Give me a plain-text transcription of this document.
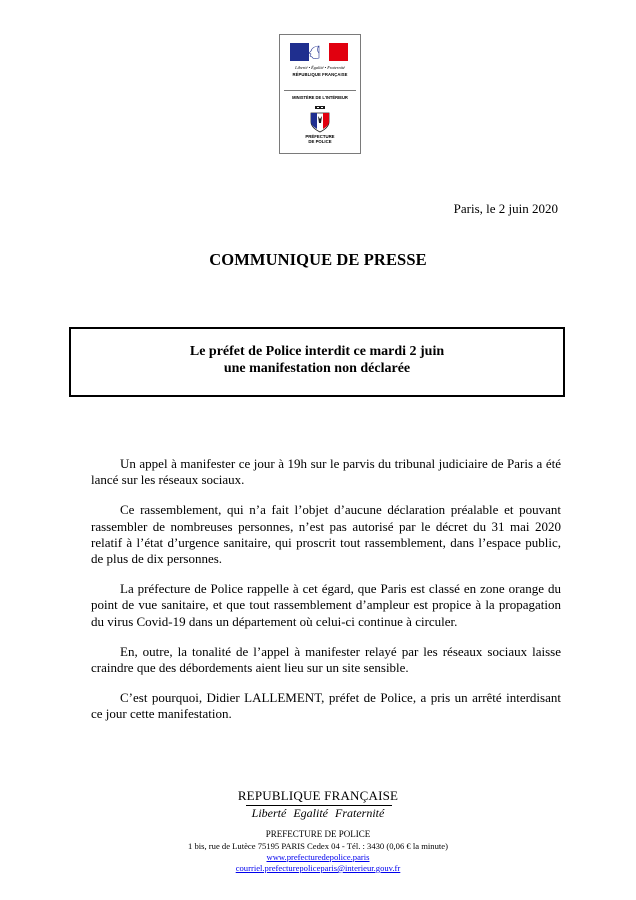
Liberté • Égalité • Fraternité
RÉPUBLIQUE FRANÇAISE
MINISTÈRE DE L'INTÉRIEUR
PRÉFECTURE
DE POLICE
Paris, le 2 juin 2020
COMMUNIQUE DE PRESSE
Le préfet de Police interdit ce mardi 2 juin
une manifestation non déclarée

Un appel à manifester ce jour à 19h sur le parvis du tribunal judiciaire de Paris a été lancé sur les réseaux sociaux.

Ce rassemblement, qui n’a fait l’objet d’aucune déclaration préalable et pouvant rassembler de nombreuses personnes, n’est pas autorisé par le décret du 31 mai 2020 relatif à l’état d’urgence sanitaire, qui proscrit tout rassemblement, dans l’espace public, de plus de dix personnes.

La préfecture de Police rappelle à cet égard, que Paris est classé en zone orange du point de vue sanitaire, et que tout rassemblement d’ampleur est propice à la propagation du virus Covid-19 dans un département où celui-ci continue à circuler.

En, outre, la tonalité de l’appel à manifester relayé par les réseaux sociaux laisse craindre que des débordements aient lieu sur un site sensible.

C’est pourquoi, Didier LALLEMENT, préfet de Police, a pris un arrêté interdisant ce jour cette manifestation.

REPUBLIQUE FRANÇAISE
Liberté Egalité Fraternité
PREFECTURE DE POLICE
1 bis, rue de Lutèce 75195 PARIS Cedex 04 - Tél. : 3430 (0,06 € la minute)
www.prefecturedepolice.paris
courriel.prefecturepoliceparis@interieur.gouv.fr
